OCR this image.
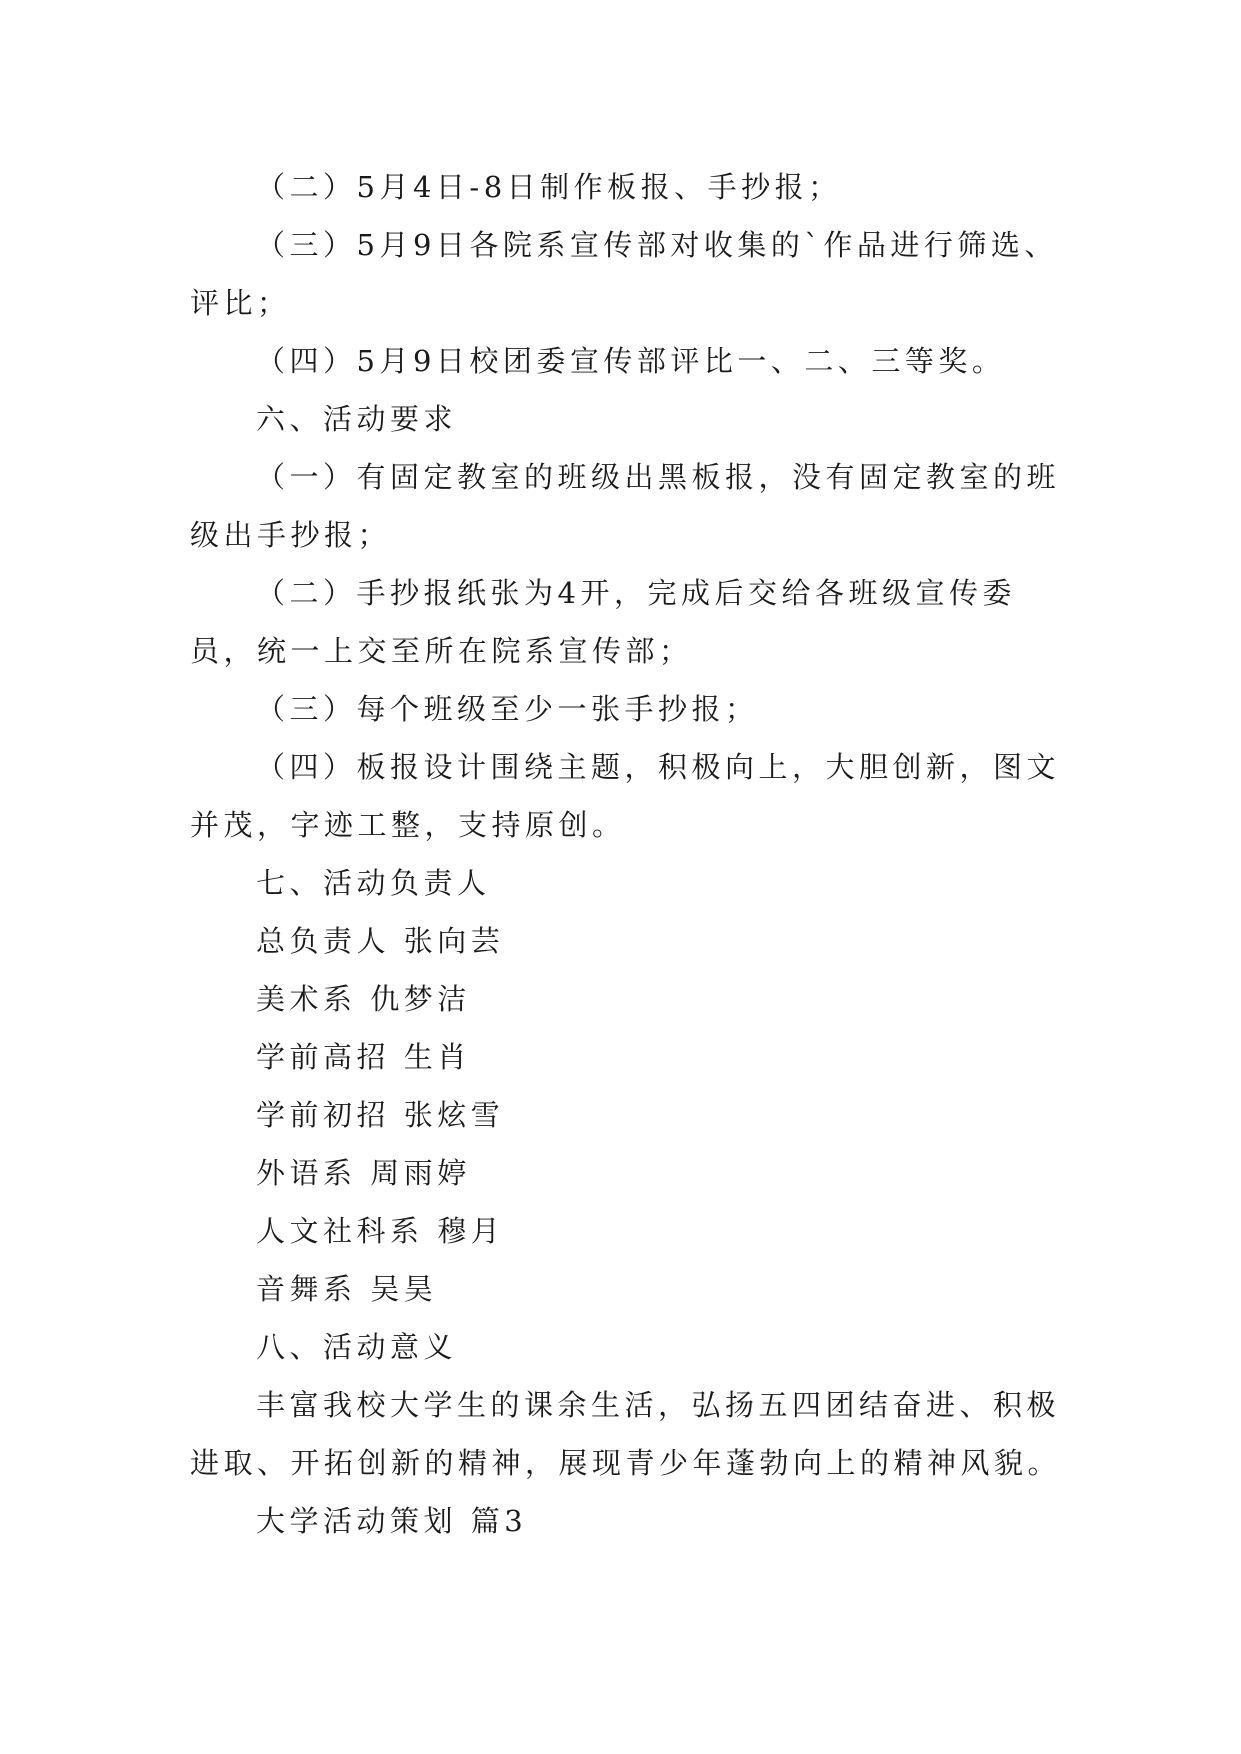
（二）5月4日-8日制作板报、手抄报；

（三）5月9日各院系宣传部对收集的`作品进行筛选、评比；

（四）5月9日校团委宣传部评比一、二、三等奖。

六、活动要求

（一）有固定教室的班级出黑板报，没有固定教室的班级出手抄报；

（二）手抄报纸张为4开，完成后交给各班级宣传委员，统一上交至所在院系宣传部；

（三）每个班级至少一张手抄报；

（四）板报设计围绕主题，积极向上，大胆创新，图文并茂，字迹工整，支持原创。

七、活动负责人

总负责人 张向芸

美术系 仇梦洁

学前高招 生肖

学前初招 张炫雪

外语系 周雨婷

人文社科系 穆月

音舞系 吴昊

八、活动意义

丰富我校大学生的课余生活，弘扬五四团结奋进、积极进取、开拓创新的精神，展现青少年蓬勃向上的精神风貌。

大学活动策划 篇3
